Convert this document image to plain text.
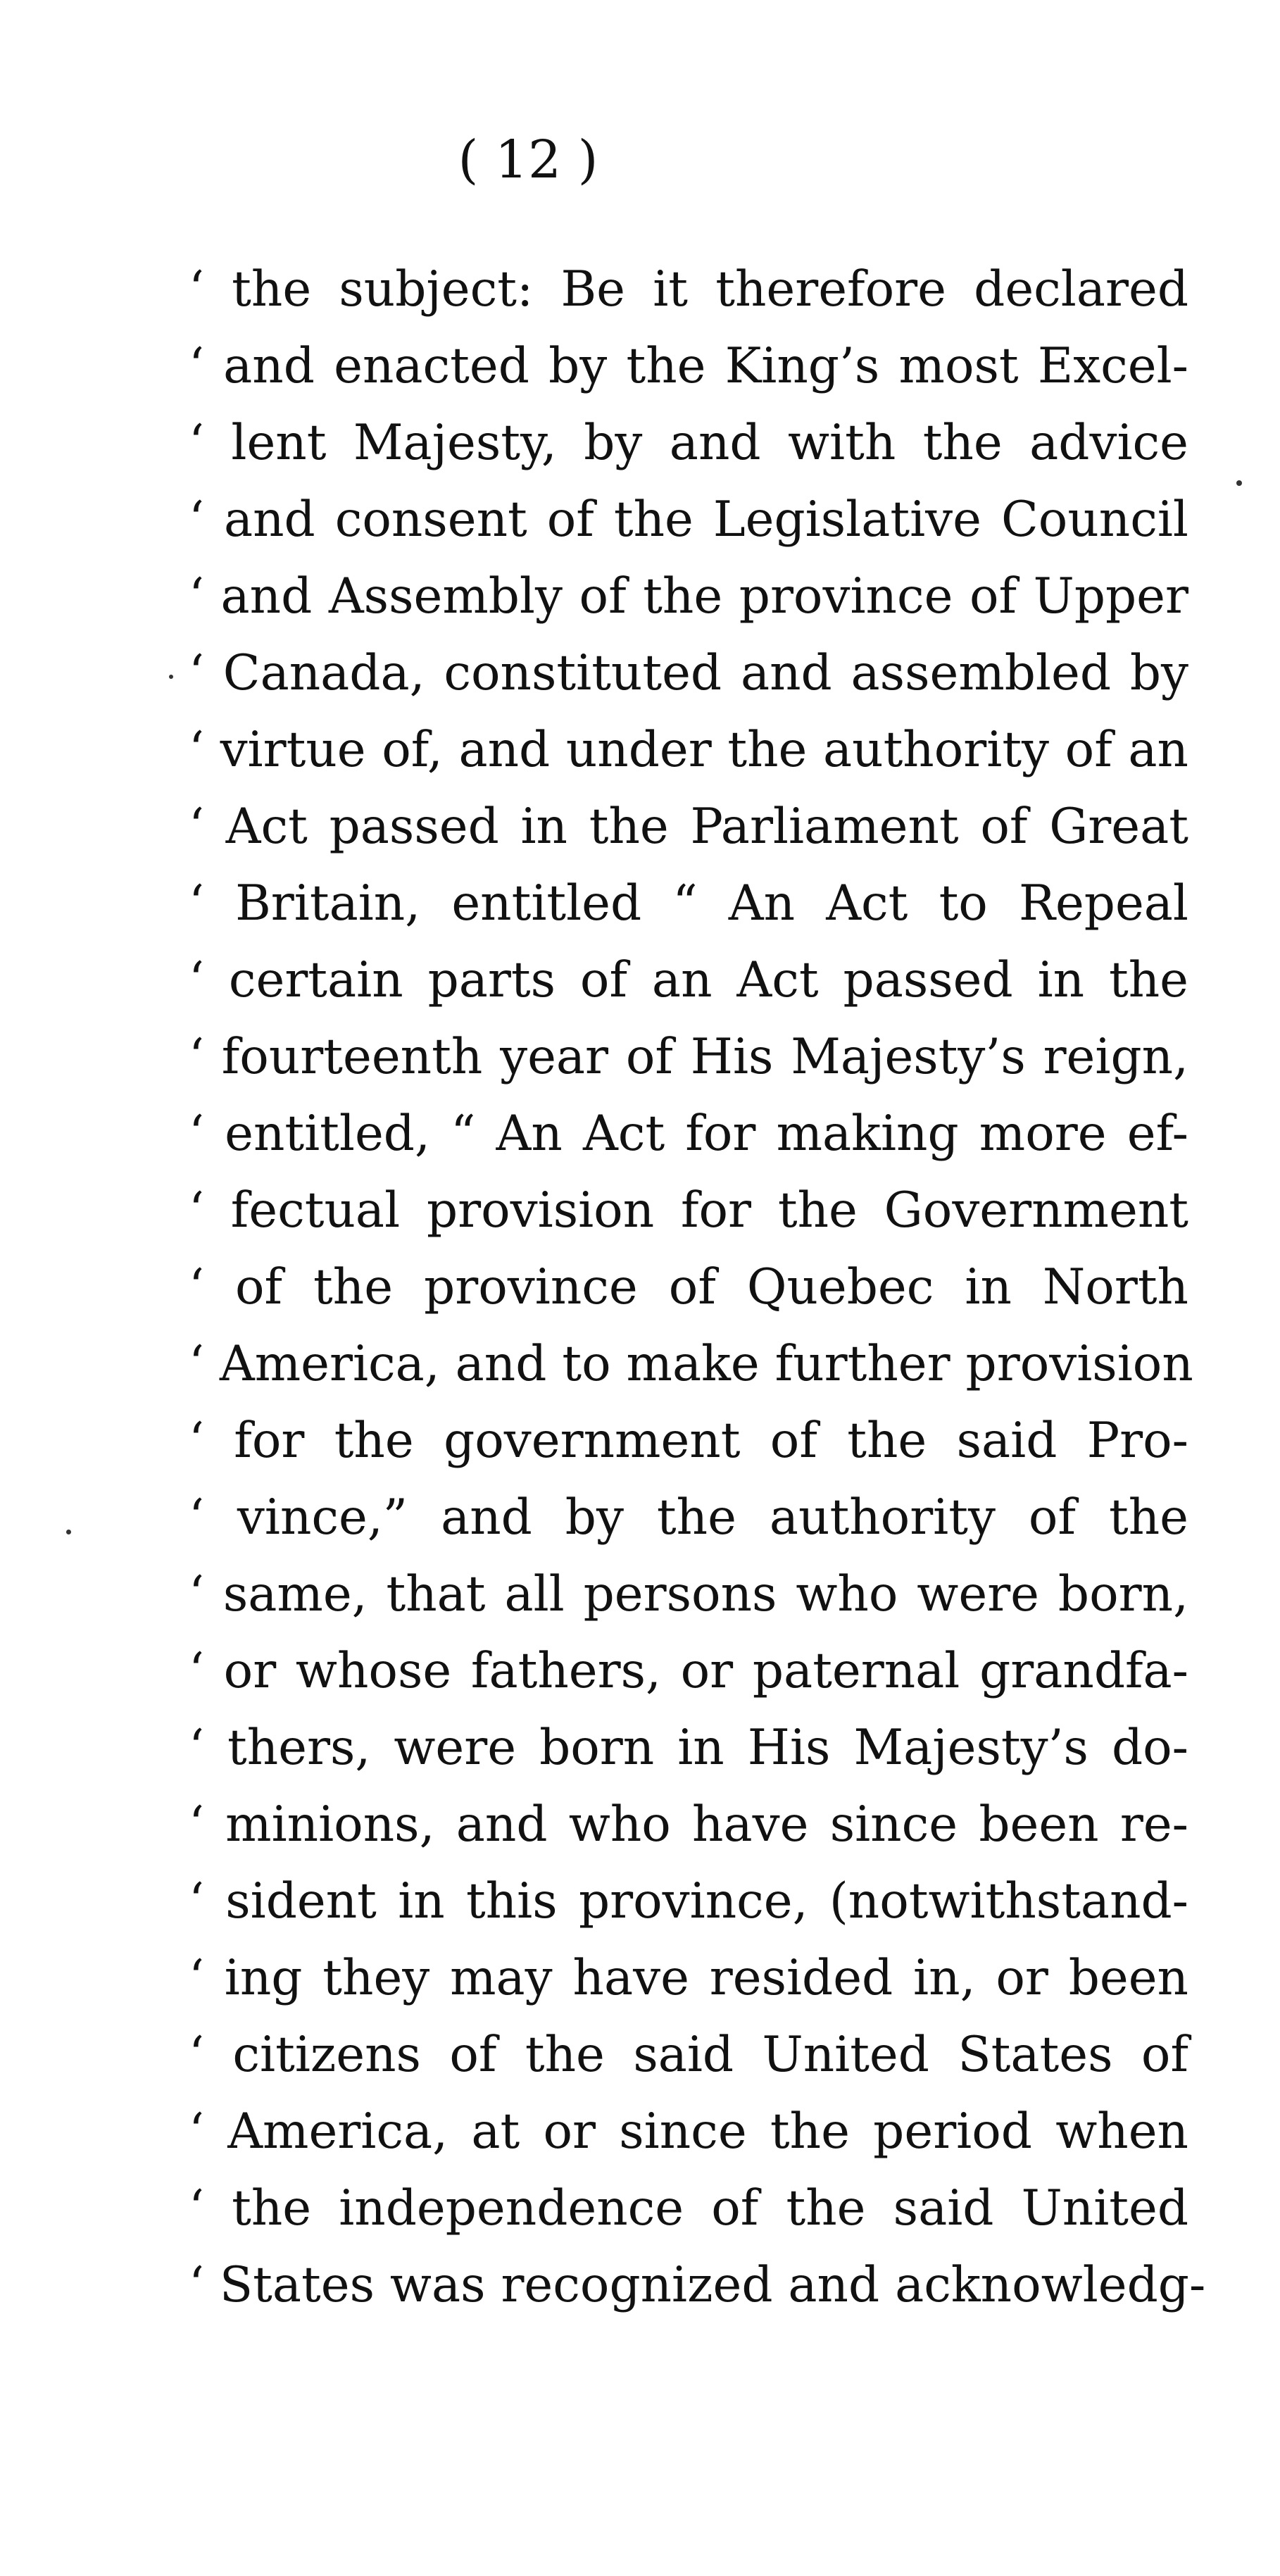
( 12 )
‘ the subject: Be it therefore declared
‘ and enacted by the King’s most Excel-
‘ lent Majesty, by and with the advice
‘ and consent of the Legislative Council
‘ and Assembly of the province of Upper
‘ Canada, constituted and assembled by
‘ virtue of, and under the authority of an
‘ Act passed in the Parliament of Great
‘ Britain, entitled “ An Act to Repeal
‘ certain parts of an Act passed in the
‘ fourteenth year of His Majesty’s reign,
‘ entitled, “ An Act for making more ef-
‘ fectual provision for the Government
‘ of the province of Quebec in North
‘ America, and to make further provision
‘ for the government of the said Pro-
‘ vince,” and by the authority of the
‘ same, that all persons who were born,
‘ or whose fathers, or paternal grandfa-
‘ thers, were born in His Majesty’s do-
‘ minions, and who have since been re-
‘ sident in this province, (notwithstand-
‘ ing they may have resided in, or been
‘ citizens of the said United States of
‘ America, at or since the period when
‘ the independence of the said United
‘ States was recognized and acknowledg-
